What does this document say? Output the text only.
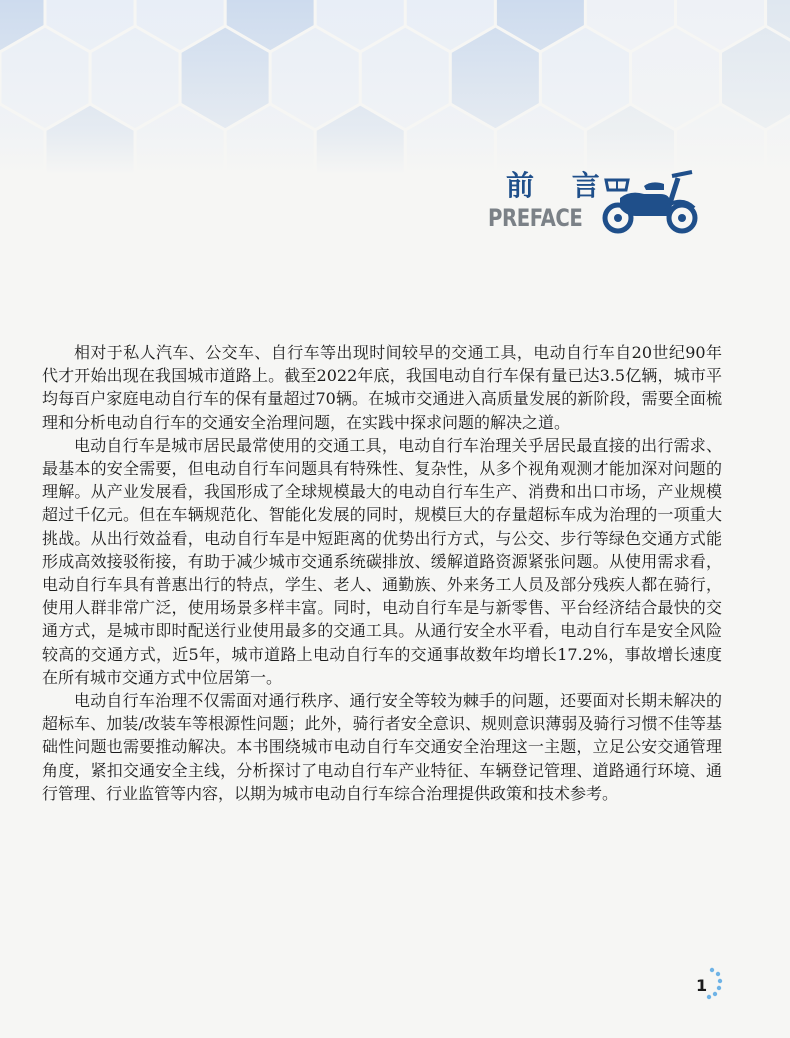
前 言
PREFACE

相对于私人汽车、公交车、自行车等出现时间较早的交通工具，电动自行车自20世纪90年代才开始出现在我国城市道路上。截至2022年底，我国电动自行车保有量已达3.5亿辆，城市平均每百户家庭电动自行车的保有量超过70辆。在城市交通进入高质量发展的新阶段，需要全面梳理和分析电动自行车的交通安全治理问题，在实践中探求问题的解决之道。

电动自行车是城市居民最常使用的交通工具，电动自行车治理关乎居民最直接的出行需求、最基本的安全需要，但电动自行车问题具有特殊性、复杂性，从多个视角观测才能加深对问题的理解。从产业发展看，我国形成了全球规模最大的电动自行车生产、消费和出口市场，产业规模超过千亿元。但在车辆规范化、智能化发展的同时，规模巨大的存量超标车成为治理的一项重大挑战。从出行效益看，电动自行车是中短距离的优势出行方式，与公交、步行等绿色交通方式能形成高效接驳衔接，有助于减少城市交通系统碳排放、缓解道路资源紧张问题。从使用需求看，电动自行车具有普惠出行的特点，学生、老人、通勤族、外来务工人员及部分残疾人都在骑行，使用人群非常广泛，使用场景多样丰富。同时，电动自行车是与新零售、平台经济结合最快的交通方式，是城市即时配送行业使用最多的交通工具。从通行安全水平看，电动自行车是安全风险较高的交通方式，近5年，城市道路上电动自行车的交通事故数年均增长17.2%，事故增长速度在所有城市交通方式中位居第一。

电动自行车治理不仅需面对通行秩序、通行安全等较为棘手的问题，还要面对长期未解决的超标车、加装/改装车等根源性问题；此外，骑行者安全意识、规则意识薄弱及骑行习惯不佳等基础性问题也需要推动解决。本书围绕城市电动自行车交通安全治理这一主题，立足公安交通管理角度，紧扣交通安全主线，分析探讨了电动自行车产业特征、车辆登记管理、道路通行环境、通行管理、行业监管等内容，以期为城市电动自行车综合治理提供政策和技术参考。

1
